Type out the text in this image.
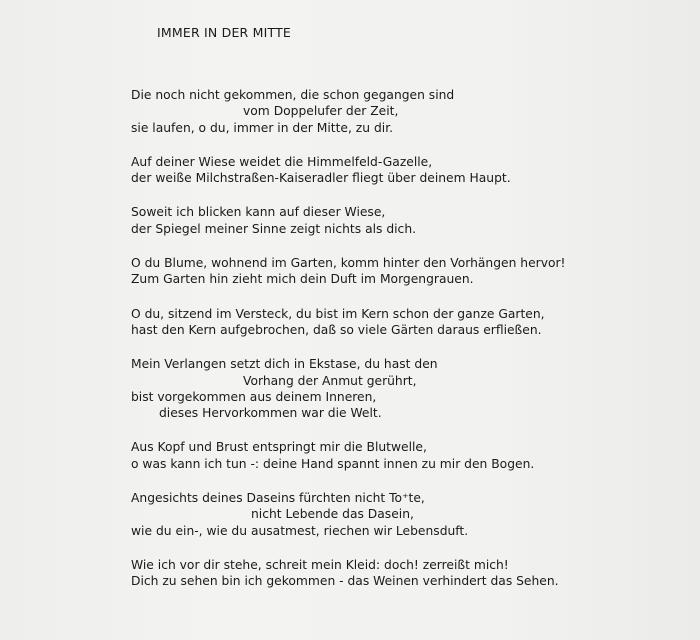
IMMER IN DER MITTE
Die noch nicht gekommen, die schon gegangen sind
vom Doppelufer der Zeit,
sie laufen, o du, immer in der Mitte, zu dir.
Auf deiner Wiese weidet die Himmelfeld-Gazelle,
der weiße Milchstraßen-Kaiseradler fliegt über deinem Haupt.
Soweit ich blicken kann auf dieser Wiese,
der Spiegel meiner Sinne zeigt nichts als dich.
O du Blume, wohnend im Garten, komm hinter den Vorhängen hervor!
Zum Garten hin zieht mich dein Duft im Morgengrauen.
O du, sitzend im Versteck, du bist im Kern schon der ganze Garten,
hast den Kern aufgebrochen, daß so viele Gärten daraus erfließen.
Mein Verlangen setzt dich in Ekstase, du hast den
Vorhang der Anmut gerührt,
bist vorgekommen aus deinem Inneren,
dieses Hervorkommen war die Welt.
Aus Kopf und Brust entspringt mir die Blutwelle,
o was kann ich tun -: deine Hand spannt innen zu mir den Bogen.
Angesichts deines Daseins fürchten nicht To⁺te,
nicht Lebende das Dasein,
wie du ein-, wie du ausatmest, riechen wir Lebensduft.
Wie ich vor dir stehe, schreit mein Kleid: doch! zerreißt mich!
Dich zu sehen bin ich gekommen - das Weinen verhindert das Sehen.
